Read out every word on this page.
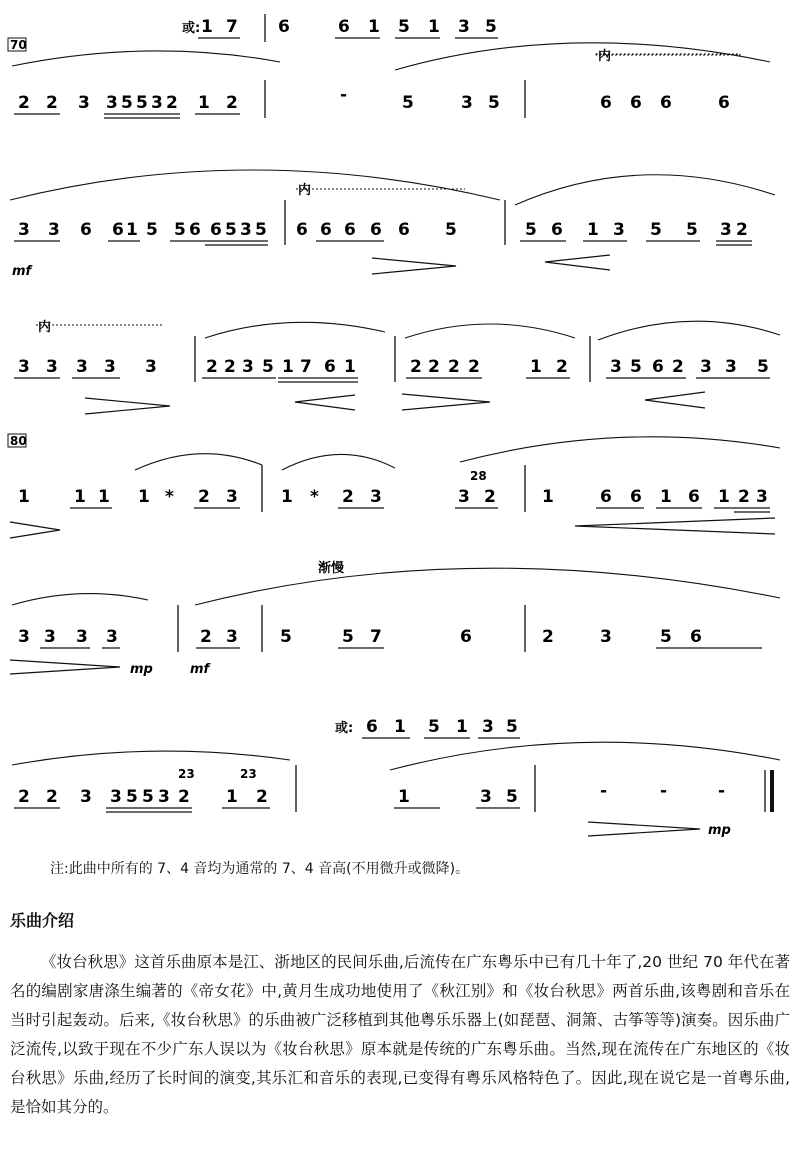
或: 1 7 6	6 1 5 1 3 5
70
内
2 2 3 3 5 5 3 2 1 2	-	5	3 5	6 6 6	6
内
3 3 6 6 1 5 5 6 6 5 3 5 6 6 6 6 6 5	5 6 1 3 5 5 3 2
mf
内
3 3 3 3 3	2 2 3 5 1 7 6 1	2 2 2 2	1 2 3 5 6 2 3 3 5
80
28
1	1 1 1	2 3
*	1 * 2 3	3 2	1	6 6 1 6 1 2 3
渐慢
3 3 3 3	2 3 5	5 7	6	2	3	5 6
mp	mf
或: 6 1 5 1 3 5
23	23
2 2 3 3 5 5 3 2 1 2	1	3 5	-	-	-
mp
注:此曲中所有的 7、4 音均为通常的 7、4 音高(不用微升或微降)。
乐曲介绍
《妆台秋思》这首乐曲原本是江、浙地区的民间乐曲,后流传在广东粤乐中已有几十年了,20 世纪 70 年代在著名的编剧家唐涤生编著的《帝女花》中,黄月生成功地使用了《秋江别》和《妆台秋思》两首乐曲,该粤剧和音乐在当时引起轰动。后来,《妆台秋思》的乐曲被广泛移植到其他粤乐乐器上(如琵琶、洞箫、古筝等等)演奏。因乐曲广泛流传,以致于现在不少广东人误以为《妆台秋思》原本就是传统的广东粤乐曲。当然,现在流传在广东地区的《妆台秋思》乐曲,经历了长时间的演变,其乐汇和音乐的表现,已变得有粤乐风格特色了。因此,现在说它是一首粤乐曲,是恰如其分的。
